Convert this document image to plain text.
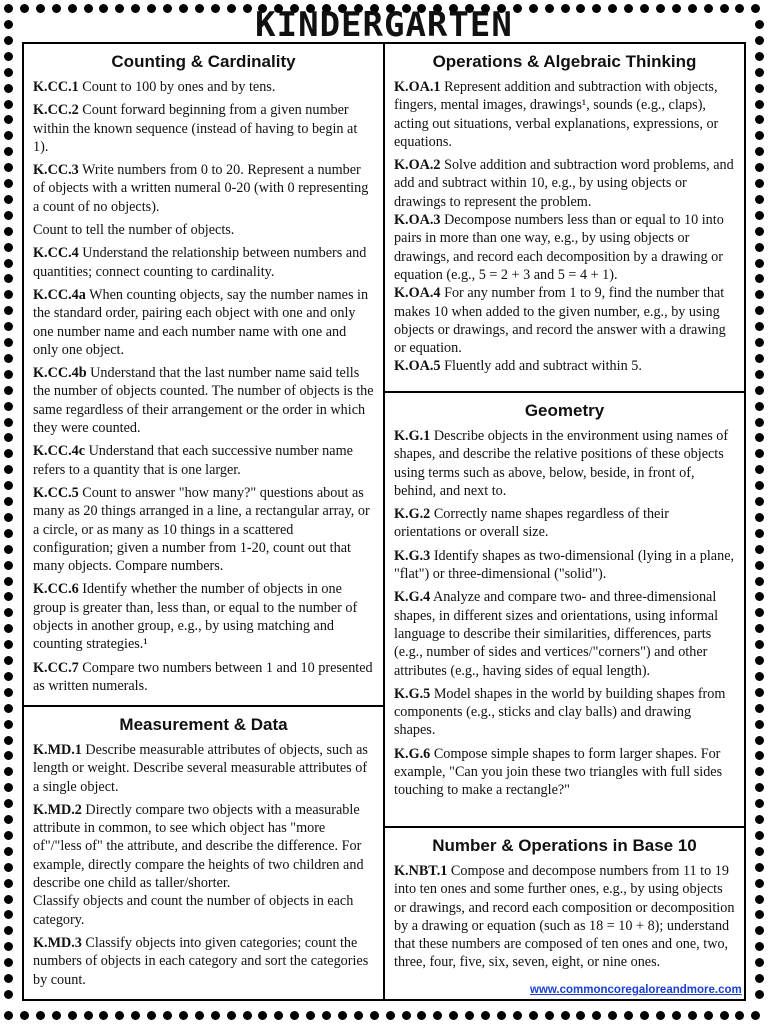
KINDERGARTEN
Counting & Cardinality

K.CC.1 Count to 100 by ones and by tens.

K.CC.2 Count forward beginning from a given number within the known sequence (instead of having to begin at 1).

K.CC.3 Write numbers from 0 to 20. Represent a number of objects with a written numeral 0-20 (with 0 representing a count of no objects).

Count to tell the number of objects.

K.CC.4 Understand the relationship between numbers and quantities; connect counting to cardinality.

K.CC.4a When counting objects, say the number names in the standard order, pairing each object with one and only one number name and each number name with one and only one object.

K.CC.4b Understand that the last number name said tells the number of objects counted. The number of objects is the same regardless of their arrangement or the order in which they were counted.

K.CC.4c Understand that each successive number name refers to a quantity that is one larger.

K.CC.5 Count to answer "how many?" questions about as many as 20 things arranged in a line, a rectangular array, or a circle, or as many as 10 things in a scattered configuration; given a number from 1-20, count out that many objects. Compare numbers.

K.CC.6 Identify whether the number of objects in one group is greater than, less than, or equal to the number of objects in another group, e.g., by using matching and counting strategies.¹

K.CC.7 Compare two numbers between 1 and 10 presented as written numerals.

Measurement & Data

K.MD.1 Describe measurable attributes of objects, such as length or weight. Describe several measurable attributes of a single object.

K.MD.2 Directly compare two objects with a measurable attribute in common, to see which object has "more of"/"less of" the attribute, and describe the difference. For example, directly compare the heights of two children and describe one child as taller/shorter.

Classify objects and count the number of objects in each category.

K.MD.3 Classify objects into given categories; count the numbers of objects in each category and sort the categories by count.

Operations & Algebraic Thinking

K.OA.1 Represent addition and subtraction with objects, fingers, mental images, drawings¹, sounds (e.g., claps), acting out situations, verbal explanations, expressions, or equations.

K.OA.2 Solve addition and subtraction word problems, and add and subtract within 10, e.g., by using objects or drawings to represent the problem.

K.OA.3 Decompose numbers less than or equal to 10 into pairs in more than one way, e.g., by using objects or drawings, and record each decomposition by a drawing or equation (e.g., 5 = 2 + 3 and 5 = 4 + 1).

K.OA.4 For any number from 1 to 9, find the number that makes 10 when added to the given number, e.g., by using objects or drawings, and record the answer with a drawing or equation.

K.OA.5 Fluently add and subtract within 5.

Geometry

K.G.1 Describe objects in the environment using names of shapes, and describe the relative positions of these objects using terms such as above, below, beside, in front of, behind, and next to.

K.G.2 Correctly name shapes regardless of their orientations or overall size.

K.G.3 Identify shapes as two-dimensional (lying in a plane, "flat") or three-dimensional ("solid").

K.G.4 Analyze and compare two- and three-dimensional shapes, in different sizes and orientations, using informal language to describe their similarities, differences, parts (e.g., number of sides and vertices/"corners") and other attributes (e.g., having sides of equal length).

K.G.5 Model shapes in the world by building shapes from components (e.g., sticks and clay balls) and drawing shapes.

K.G.6 Compose simple shapes to form larger shapes. For example, "Can you join these two triangles with full sides touching to make a rectangle?"

Number & Operations in Base 10

K.NBT.1 Compose and decompose numbers from 11 to 19 into ten ones and some further ones, e.g., by using objects or drawings, and record each composition or decomposition by a drawing or equation (such as 18 = 10 + 8); understand that these numbers are composed of ten ones and one, two, three, four, five, six, seven, eight, or nine ones.

www.commoncoregaloreandmore.com
